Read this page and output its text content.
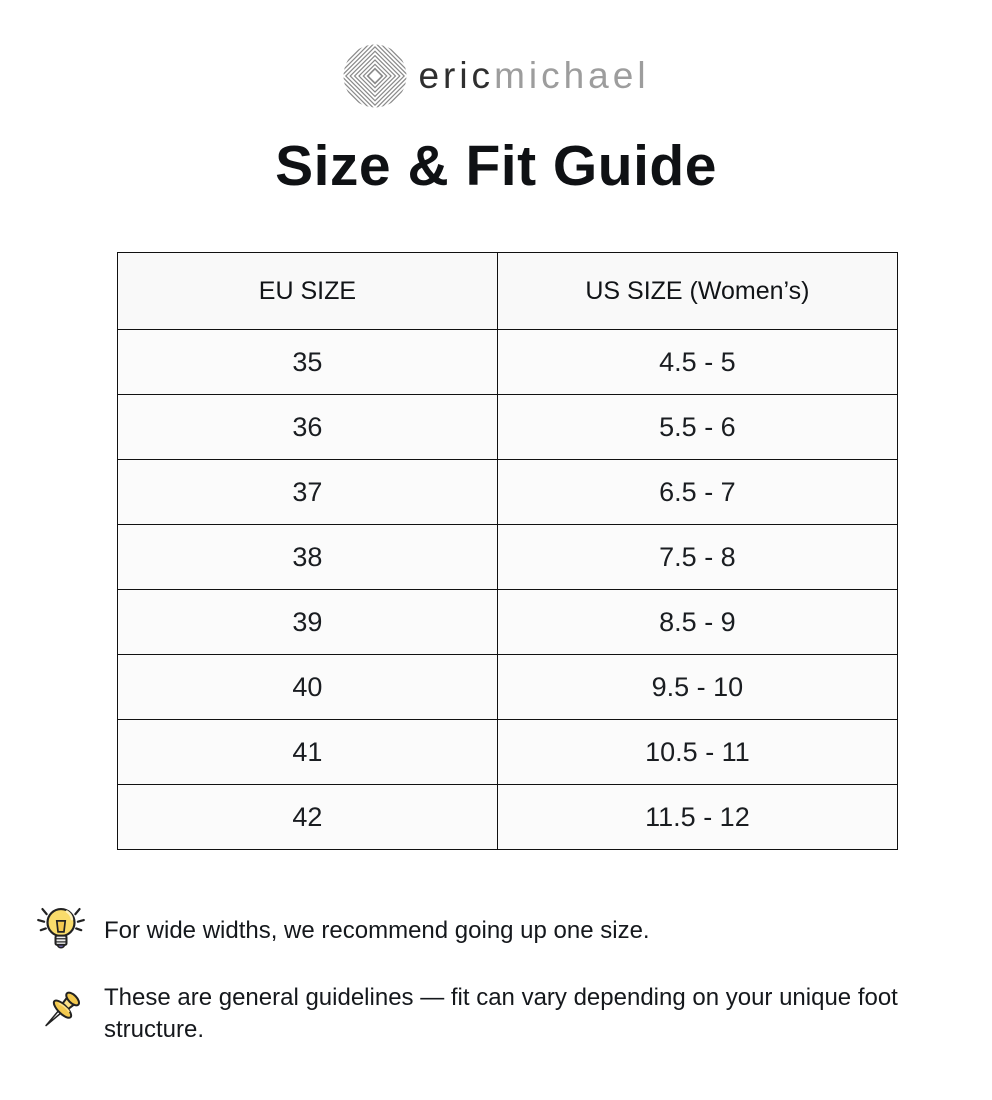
ericmichael
Size & Fit Guide
EU SIZE	US SIZE (Women’s)
35	4.5 - 5
36	5.5 - 6
37	6.5 - 7
38	7.5 - 8
39	8.5 - 9
40	9.5 - 10
41	10.5 - 11
42	11.5 - 12
For wide widths, we recommend going up one size.
These are general guidelines — fit can vary depending on your unique foot structure.
